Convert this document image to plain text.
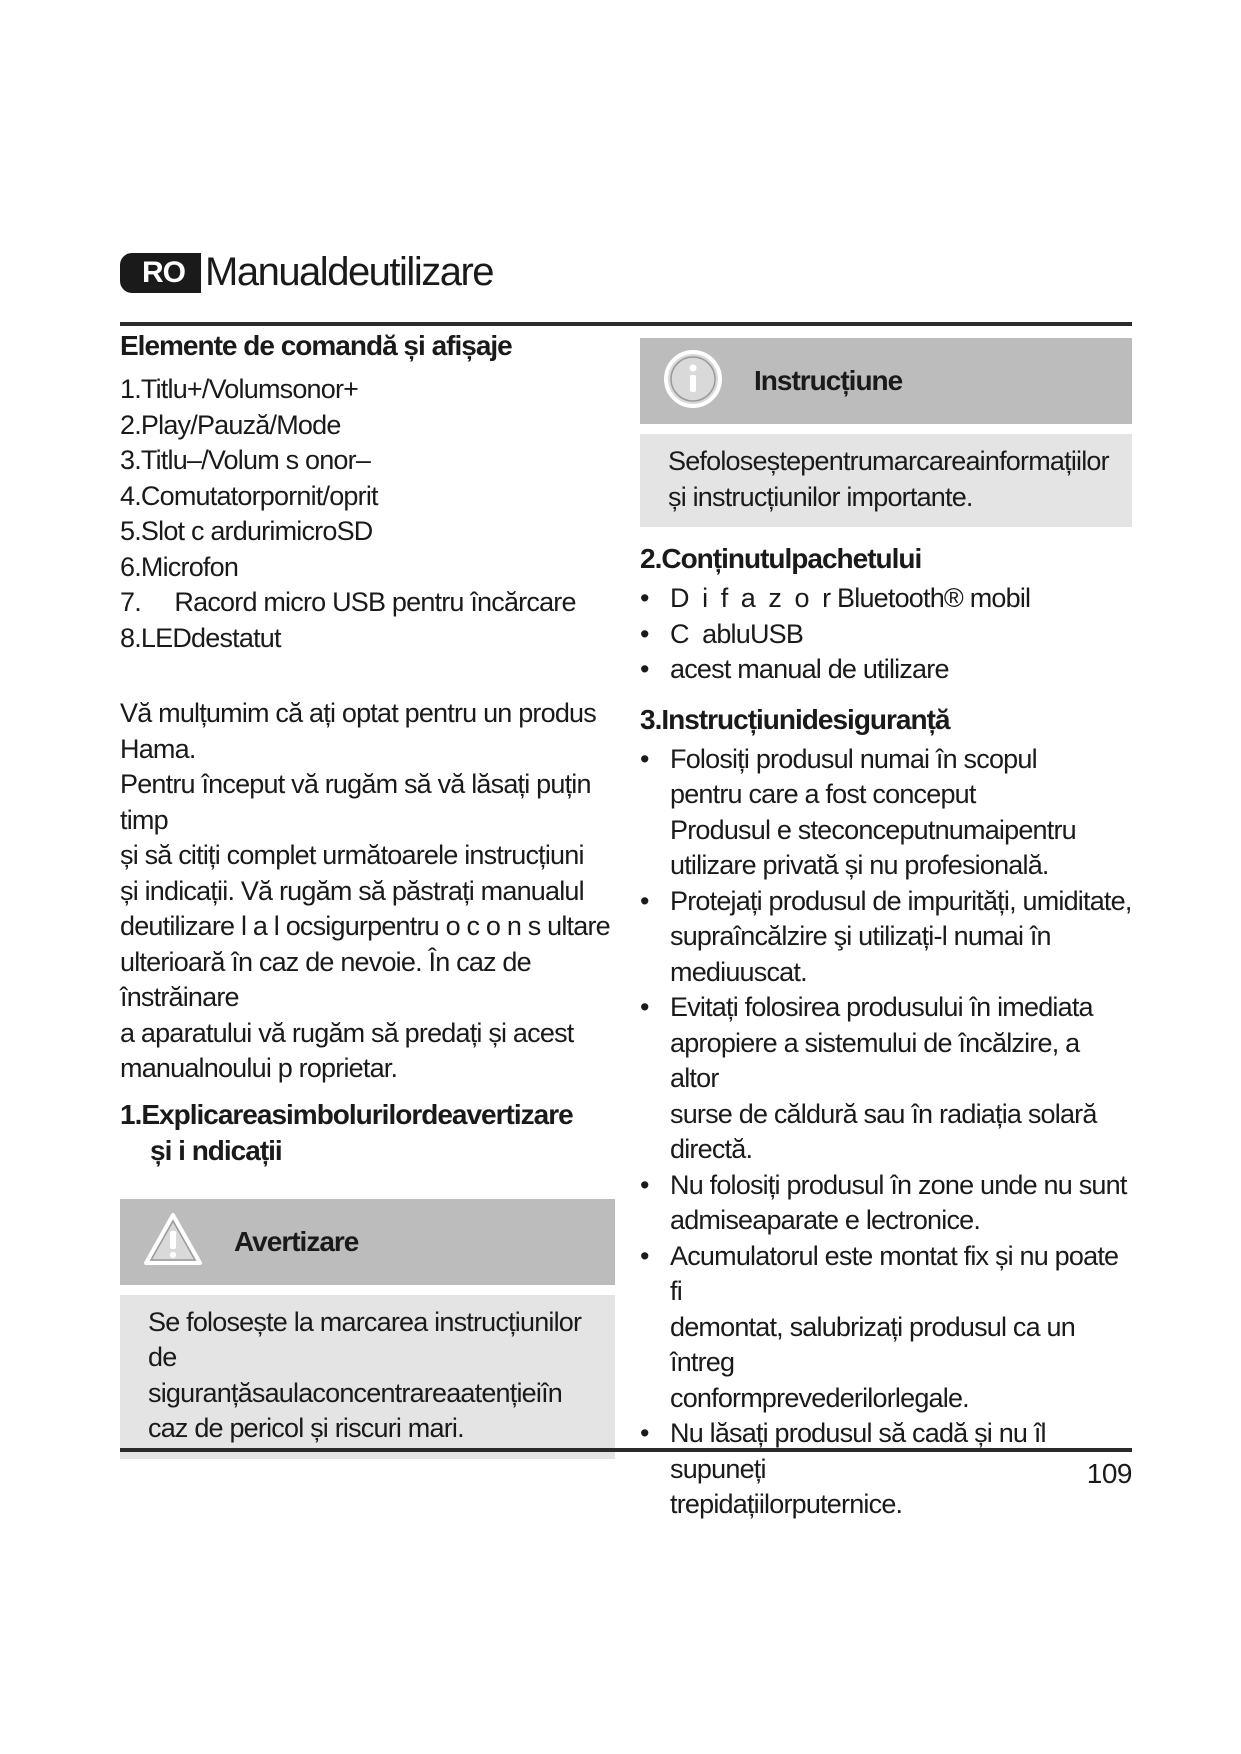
RO Manualdeutilizare
Elemente de comandă și afișaje
1.Titlu+/Volumsonor+
2.Play/Pauză/Mode
3.Titlu–/Volum s onor–
4.Comutatorpornit/oprit
5.Slot c ardurimicroSD
6.Microfon
7.     Racord micro USB pentru încărcare
8.LEDdestatut

Vă mulțumim că ați optat pentru un produs

Hama.

Pentru început vă rugăm să vă lăsați puțin timp

și să citiți complet următoarele instrucțiuni

și indicații. Vă rugăm să păstrați manualul

deutilizare l a l ocsigurpentru o c o n s ultare

ulterioară în caz de nevoie. În caz de înstrăinare

a aparatului vă rugăm să predați și acest

manualnoului p roprietar.

1.Explicareasimbolurilordeavertizare
și i ndicații
Avertizare

Se folosește la marcarea instrucțiunilor de

siguranțăsaulaconcentrareaatențieiîn

caz de pericol și riscuri mari.

Instrucțiune

Sefoloseștepentrumarcareainformațiilor

și instrucțiunilor importante.

2.Conținutulpachetului
• D  i  f  a  z  o  r Bluetooth® mobil
• C  abluUSB
• acest manual de utilizare
3.Instrucțiunidesiguranță
• Folosiți produsul numai în scopul
pentru care a fost conceput
Produsul e steconceputnumaipentru
utilizare privată și nu profesională.
• Protejați produsul de impurități, umiditate,
supraîncălzire şi utilizați-l numai în
mediuuscat.
• Evitați folosirea produsului în imediata
apropiere a sistemului de încălzire, a altor
surse de căldură sau în radiația solară
directă.
• Nu folosiți produsul în zone unde nu sunt
admiseaparate e lectronice.
• Acumulatorul este montat fix și nu poate fi
demontat, salubrizați produsul ca un întreg
conformprevederilorlegale.
• Nu lăsați produsul să cadă și nu îl supuneți
trepidațiilorputernice.
109
